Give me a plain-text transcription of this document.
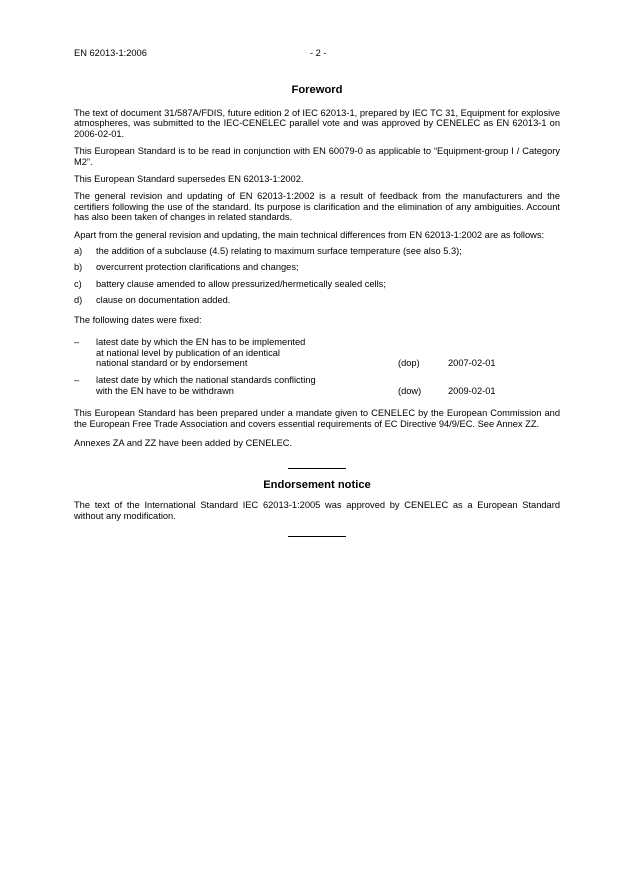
EN 62013-1:2006	- 2 -
Foreword

The text of document 31/587A/FDIS, future edition 2 of IEC 62013-1, prepared by IEC TC 31, Equipment for explosive atmospheres, was submitted to the IEC-CENELEC parallel vote and was approved by CENELEC as EN 62013-1 on 2006-02-01.

This European Standard is to be read in conjunction with EN 60079-0 as applicable to “Equipment-group I / Category M2”.

This European Standard supersedes EN 62013-1:2002.

The general revision and updating of EN 62013-1:2002 is a result of feedback from the manufacturers and the certifiers following the use of the standard. Its purpose is clarification and the elimination of any ambiguities. Account has also been taken of changes in related standards.

Apart from the general revision and updating, the main technical differences from EN 62013-1:2002 are as follows:

a) the addition of a subclause (4.5) relating to maximum surface temperature (see also 5.3);
b) overcurrent protection clarifications and changes;
c) battery clause amended to allow pressurized/hermetically sealed cells;
d) clause on documentation added.

The following dates were fixed:

– latest date by which the EN has to be implemented
at national level by publication of an identical
national standard or by endorsement	(dop)	2007-02-01
– latest date by which the national standards conflicting
with the EN have to be withdrawn	(dow)	2009-02-01

This European Standard has been prepared under a mandate given to CENELEC by the European Commission and the European Free Trade Association and covers essential requirements of EC Directive 94/9/EC. See Annex ZZ.

Annexes ZA and ZZ have been added by CENELEC.

Endorsement notice

The text of the International Standard IEC 62013-1:2005 was approved by CENELEC as a European Standard without any modification.
